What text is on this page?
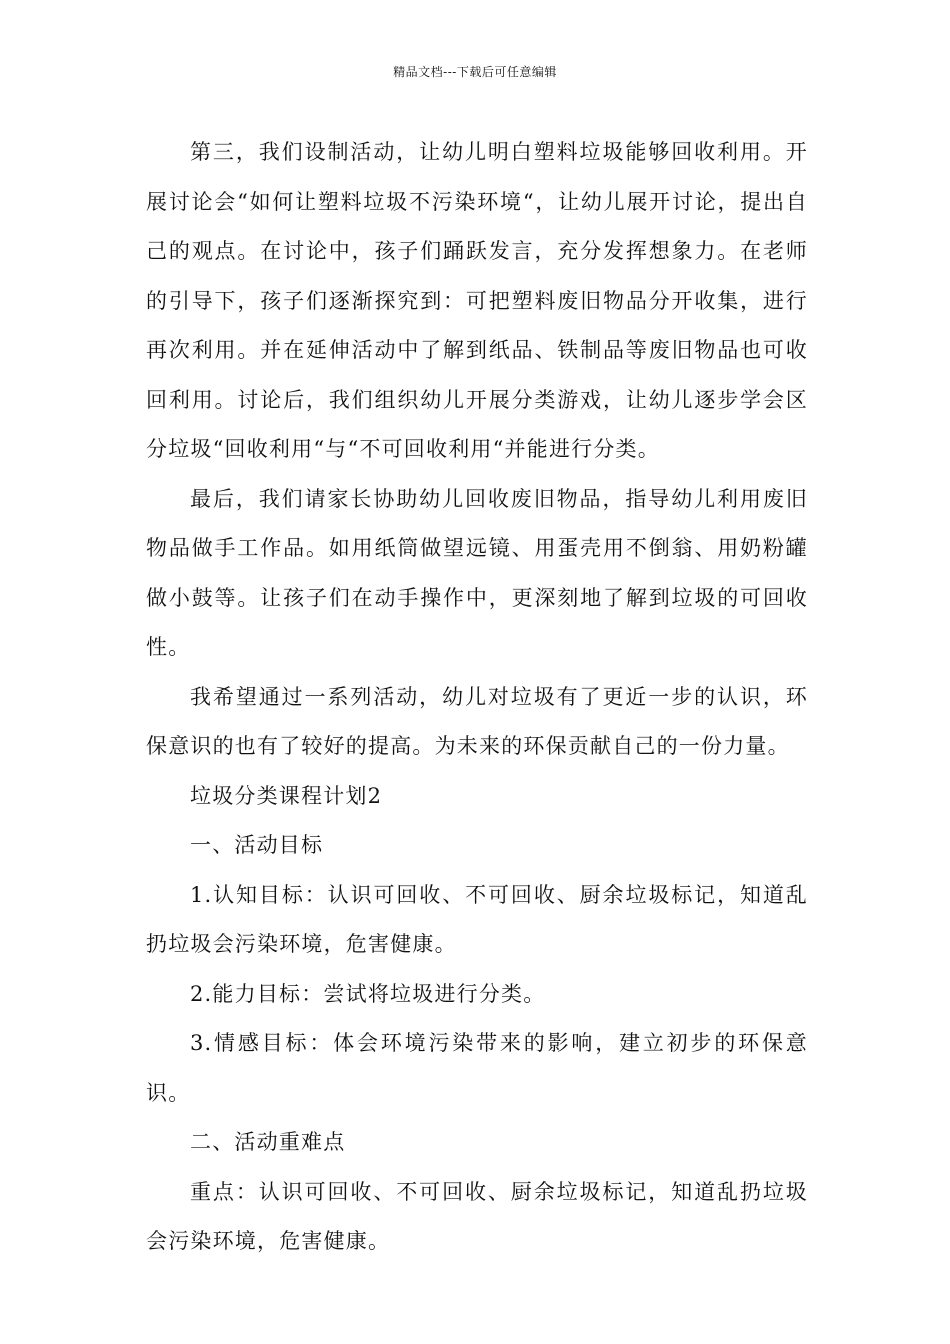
精品文档---下载后可任意编辑

第三，我们设制活动，让幼儿明白塑料垃圾能够回收利用。开展讨论会“如何让塑料垃圾不污染环境“，让幼儿展开讨论，提出自己的观点。在讨论中，孩子们踊跃发言，充分发挥想象力。在老师的引导下，孩子们逐渐探究到：可把塑料废旧物品分开收集，进行再次利用。并在延伸活动中了解到纸品、铁制品等废旧物品也可收回利用。讨论后，我们组织幼儿开展分类游戏，让幼儿逐步学会区分垃圾“回收利用“与“不可回收利用“并能进行分类。

最后，我们请家长协助幼儿回收废旧物品，指导幼儿利用废旧物品做手工作品。如用纸筒做望远镜、用蛋壳用不倒翁、用奶粉罐做小鼓等。让孩子们在动手操作中，更深刻地了解到垃圾的可回收性。

我希望通过一系列活动，幼儿对垃圾有了更近一步的认识，环保意识的也有了较好的提高。为未来的环保贡献自己的一份力量。

垃圾分类课程计划2

一、活动目标

1.认知目标：认识可回收、不可回收、厨余垃圾标记，知道乱扔垃圾会污染环境，危害健康。

2.能力目标：尝试将垃圾进行分类。

3.情感目标：体会环境污染带来的影响，建立初步的环保意识。

二、活动重难点

重点：认识可回收、不可回收、厨余垃圾标记，知道乱扔垃圾会污染环境，危害健康。
